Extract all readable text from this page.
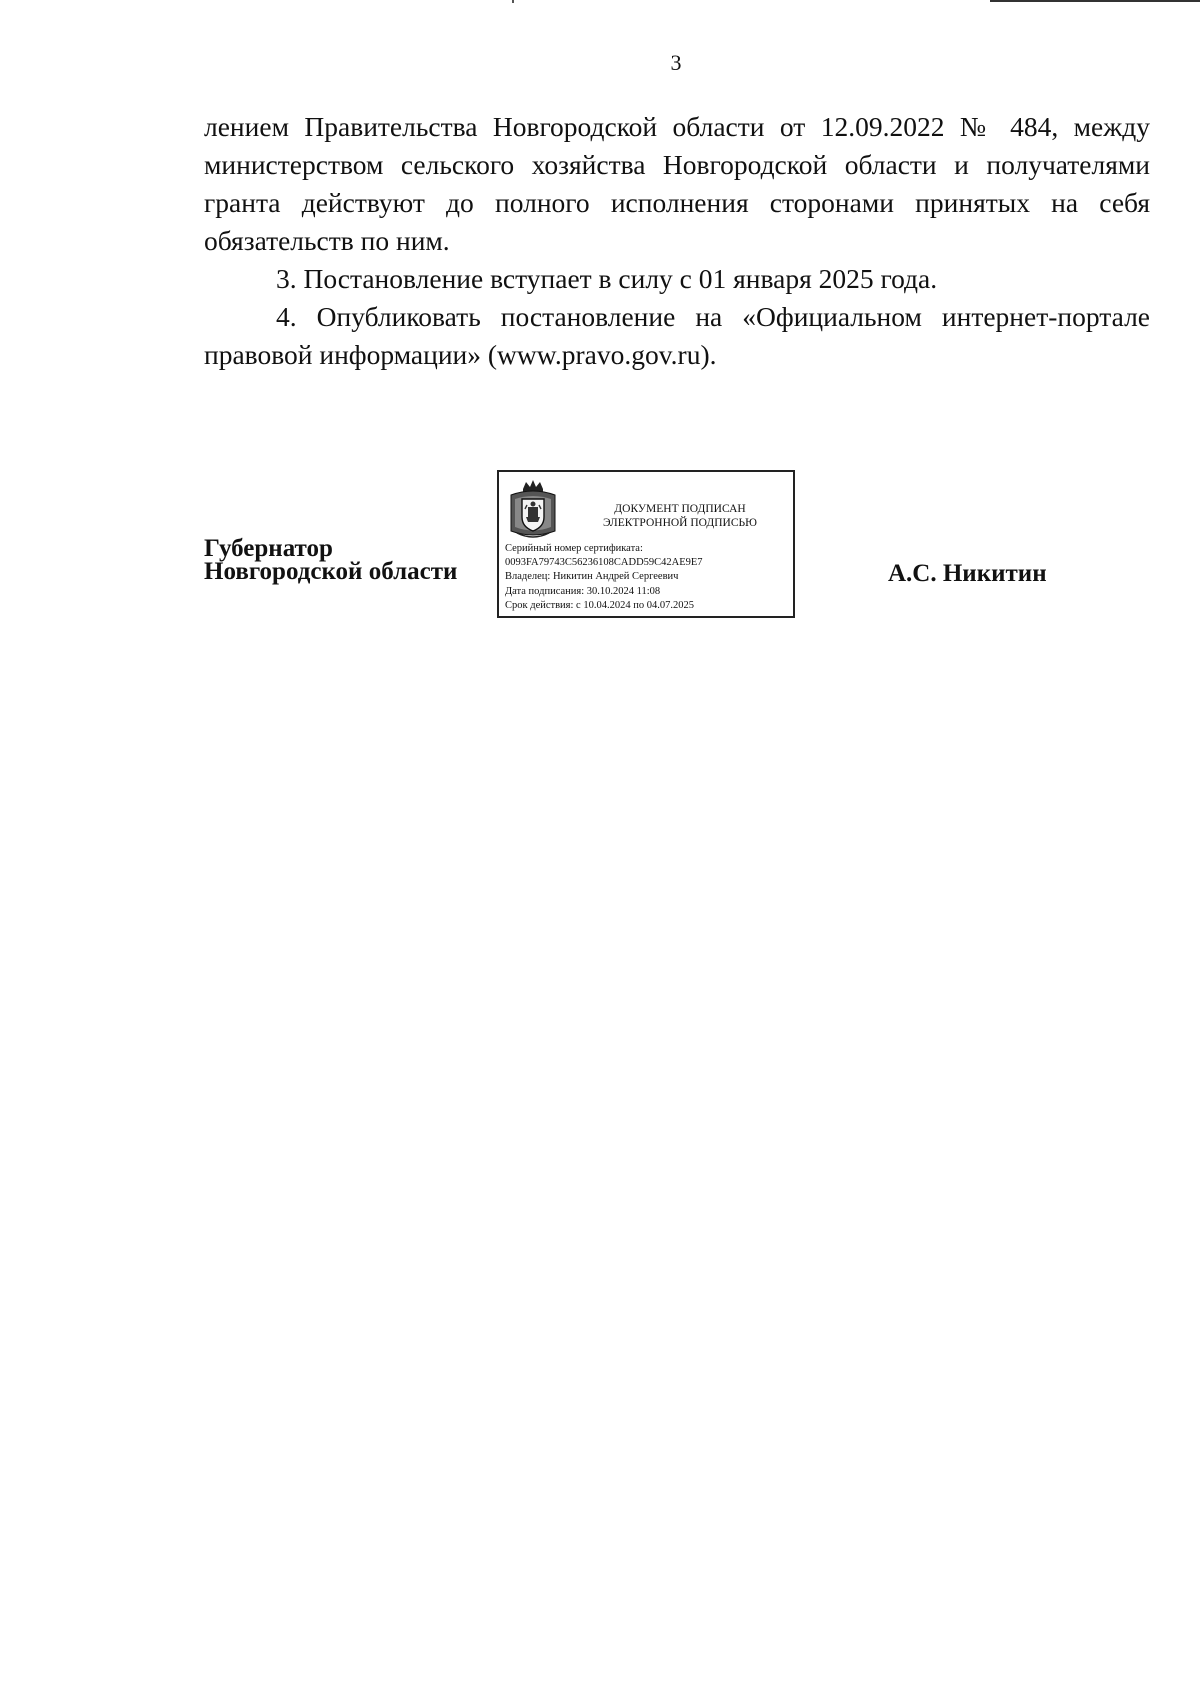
3

лением Правительства Новгородской области от 12.09.2022 № 484, между министерством сельского хозяйства Новгородской области и получателями гранта действуют до полного исполнения сторонами принятых на себя обязательств по ним.

3. Постановление вступает в силу с 01 января 2025 года.

4. Опубликовать постановление на «Официальном интернет-портале правовой информации» (www.pravo.gov.ru).

Губернатор
Новгородской области
ДОКУМЕНТ ПОДПИСАН
ЭЛЕКТРОННОЙ ПОДПИСЬЮ
Серийный номер сертификата:
0093FA79743C56236108CADD59C42AE9E7
Владелец: Никитин Андрей Сергеевич
Дата подписания: 30.10.2024 11:08
Срок действия: с 10.04.2024 по 04.07.2025
А.С. Никитин
